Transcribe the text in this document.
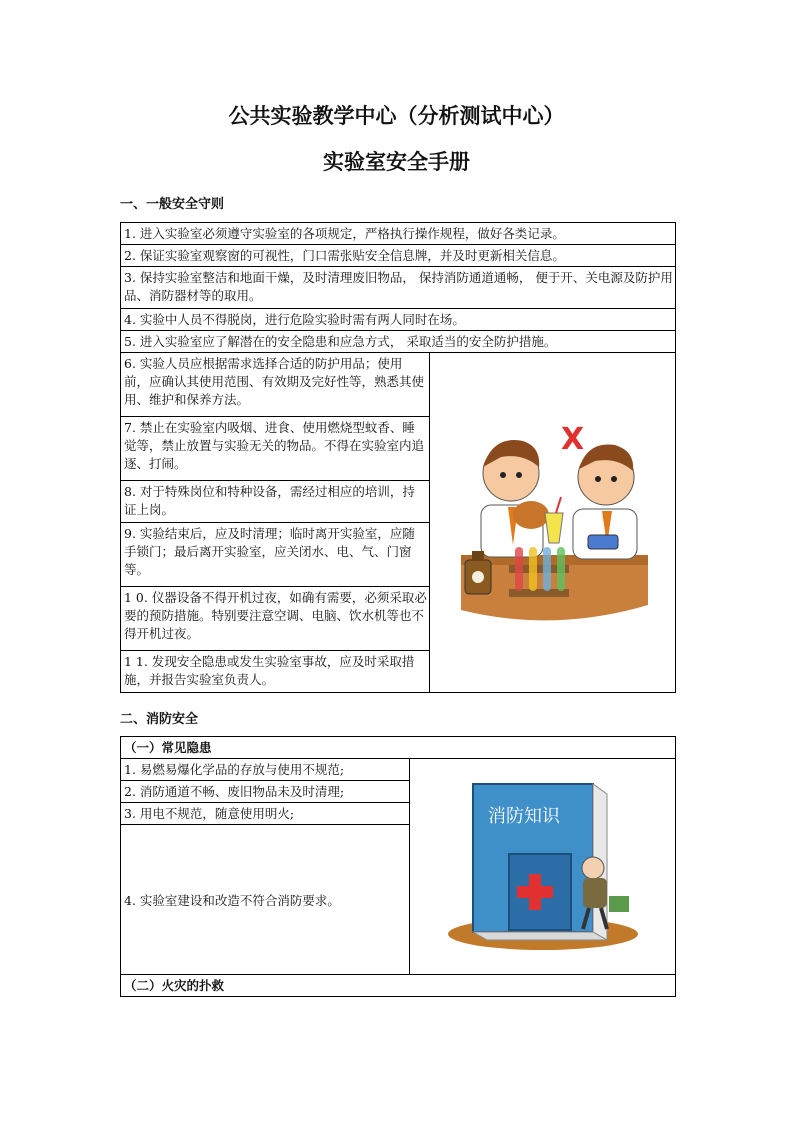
公共实验教学中心（分析测试中心）
实验室安全手册
一、一般安全守则
1. 进入实验室必须遵守实验室的各项规定，严格执行操作规程，做好各类记录。
2. 保证实验室观察窗的可视性，门口需张贴安全信息牌，并及时更新相关信息。
3. 保持实验室整洁和地面干燥，及时清理废旧物品， 保持消防通道通畅， 便于开、关电源及防护用品、消防器材等的取用。
4. 实验中人员不得脱岗，进行危险实验时需有两人同时在场。
5. 进入实验室应了解潜在的安全隐患和应急方式， 采取适当的安全防护措施。
6. 实验人员应根据需求选择合适的防护用品；使用前，应确认其使用范围、有效期及完好性等，熟悉其使用、维护和保养方法。	
X

7. 禁止在实验室内吸烟、进食、使用燃烧型蚊香、睡觉等，禁止放置与实验无关的物品。不得在实验室内追逐、打闹。
8. 对于特殊岗位和特种设备，需经过相应的培训，持证上岗。
9. 实验结束后，应及时清理；临时离开实验室，应随手锁门；最后离开实验室，应关闭水、电、气、门窗等。
1 0. 仪器设备不得开机过夜，如确有需要，必须采取必要的预防措施。特别要注意空调、电脑、饮水机等也不得开机过夜。
1 1. 发现安全隐患或发生实验室事故，应及时采取措施，并报告实验室负责人。
二、消防安全
（一）常见隐患
1. 易燃易爆化学品的存放与使用不规范;	
消防知识

2. 消防通道不畅、废旧物品未及时清理;
3. 用电不规范，随意使用明火;
4. 实验室建设和改造不符合消防要求。
（二）火灾的扑救
